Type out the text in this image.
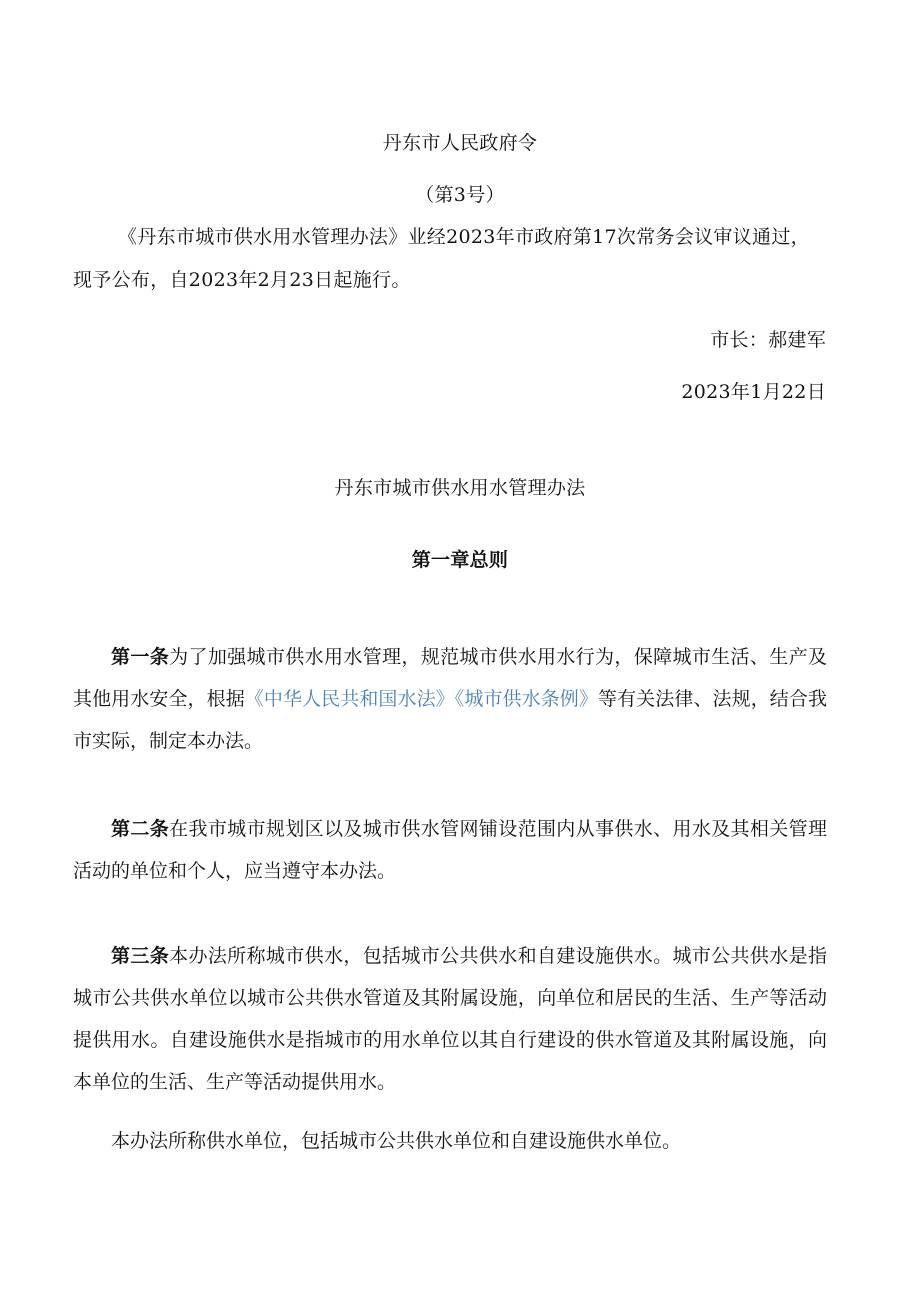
丹东市人民政府令
（第3号）
《丹东市城市供水用水管理办法》业经2023年市政府第17次常务会议审议通过，
现予公布，自2023年2月23日起施行。
市长：郝建军
2023年1月22日
丹东市城市供水用水管理办法
第一章总则
第一条为了加强城市供水用水管理，规范城市供水用水行为，保障城市生活、生产及其他用水安全，根据《中华人民共和国水法》《城市供水条例》等有关法律、法规，结合我市实际，制定本办法。
第二条在我市城市规划区以及城市供水管网铺设范围内从事供水、用水及其相关管理活动的单位和个人，应当遵守本办法。
第三条本办法所称城市供水，包括城市公共供水和自建设施供水。城市公共供水是指城市公共供水单位以城市公共供水管道及其附属设施，向单位和居民的生活、生产等活动提供用水。自建设施供水是指城市的用水单位以其自行建设的供水管道及其附属设施，向本单位的生活、生产等活动提供用水。
本办法所称供水单位，包括城市公共供水单位和自建设施供水单位。
